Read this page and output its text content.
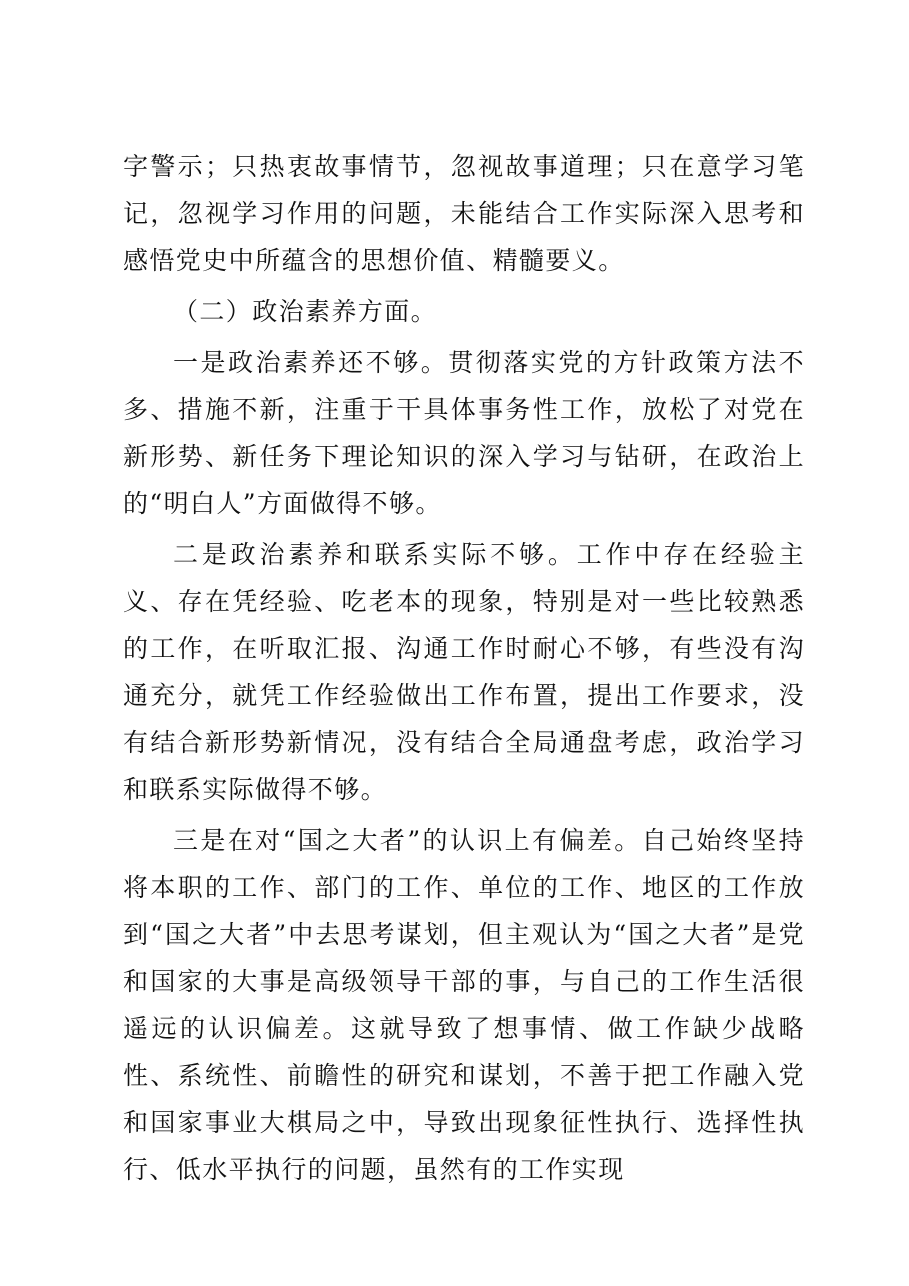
字警示；只热衷故事情节，忽视故事道理；只在意学习笔记，忽视学习作用的问题，未能结合工作实际深入思考和感悟党史中所蕴含的思想价值、精髓要义。

（二）政治素养方面。

一是政治素养还不够。贯彻落实党的方针政策方法不多、措施不新，注重于干具体事务性工作，放松了对党在新形势、新任务下理论知识的深入学习与钻研，在政治上的“明白人”方面做得不够。

二是政治素养和联系实际不够。工作中存在经验主义、存在凭经验、吃老本的现象，特别是对一些比较熟悉的工作，在听取汇报、沟通工作时耐心不够，有些没有沟通充分，就凭工作经验做出工作布置，提出工作要求，没有结合新形势新情况，没有结合全局通盘考虑，政治学习和联系实际做得不够。

三是在对“国之大者”的认识上有偏差。自己始终坚持将本职的工作、部门的工作、单位的工作、地区的工作放到“国之大者”中去思考谋划，但主观认为“国之大者”是党和国家的大事是高级领导干部的事，与自己的工作生活很遥远的认识偏差。这就导致了想事情、做工作缺少战略性、系统性、前瞻性的研究和谋划，不善于把工作融入党和国家事业大棋局之中，导致出现象征性执行、选择性执行、低水平执行的问题，虽然有的工作实现
